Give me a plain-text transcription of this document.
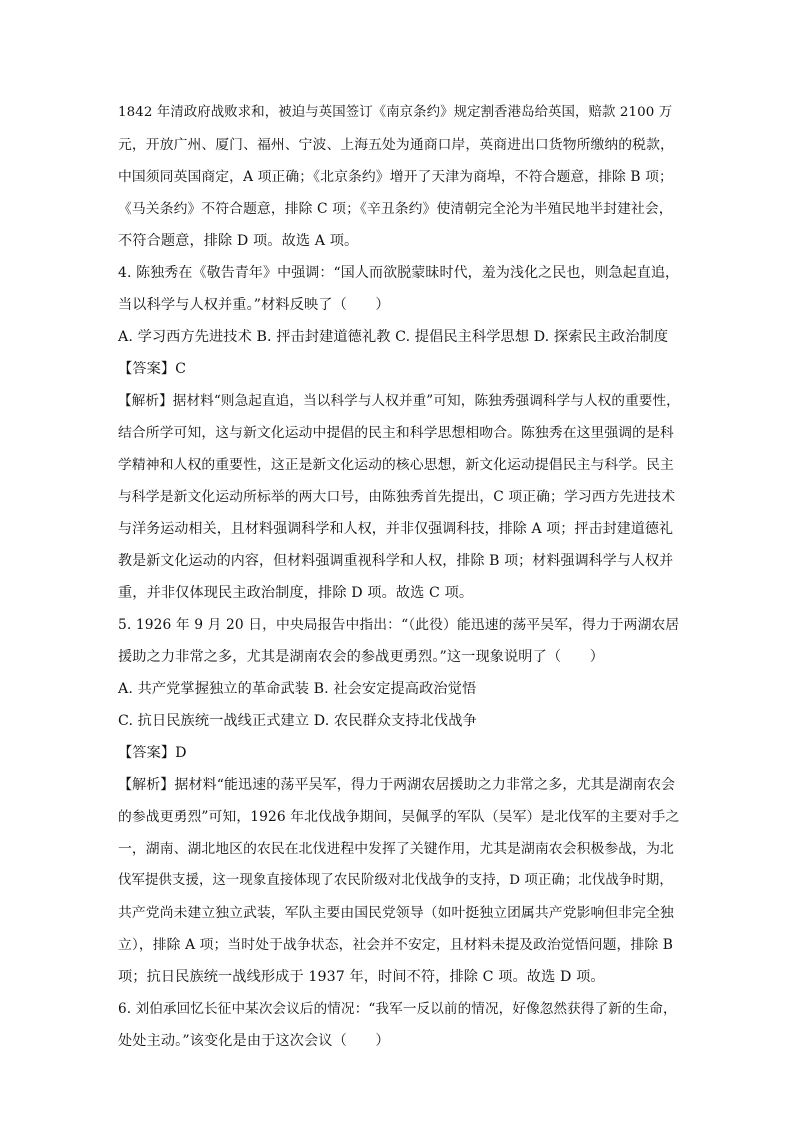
1842 年清政府战败求和，被迫与英国签订《南京条约》规定割香港岛给英国，赔款 2100 万
元，开放广州、厦门、福州、宁波、上海五处为通商口岸，英商进出口货物所缴纳的税款，
中国须同英国商定，A 项正确；《北京条约》增开了天津为商埠，不符合题意，排除 B 项；
《马关条约》不符合题意，排除 C 项；《辛丑条约》使清朝完全沦为半殖民地半封建社会，
不符合题意，排除 D 项。故选 A 项。
4. 陈独秀在《敬告青年》中强调：“国人而欲脱蒙昧时代，羞为浅化之民也，则急起直追，
当以科学与人权并重。”材料反映了（　　）
A. 学习西方先进技术 B. 抨击封建道德礼教 C. 提倡民主科学思想 D. 探索民主政治制度
【答案】C
【解析】据材料“则急起直追，当以科学与人权并重”可知，陈独秀强调科学与人权的重要性，
结合所学可知，这与新文化运动中提倡的民主和科学思想相吻合。陈独秀在这里强调的是科
学精神和人权的重要性，这正是新文化运动的核心思想，新文化运动提倡民主与科学。民主
与科学是新文化运动所标举的两大口号，由陈独秀首先提出，C 项正确；学习西方先进技术
与洋务运动相关，且材料强调科学和人权，并非仅强调科技，排除 A 项；抨击封建道德礼
教是新文化运动的内容，但材料强调重视科学和人权，排除 B 项；材料强调科学与人权并
重，并非仅体现民主政治制度，排除 D 项。故选 C 项。
5. 1926 年 9 月 20 日，中央局报告中指出：“（此役）能迅速的荡平吴军，得力于两湖农居
援助之力非常之多，尤其是湖南农会的参战更勇烈。”这一现象说明了（　　）
A. 共产党掌握独立的革命武装 B. 社会安定提高政治觉悟
C. 抗日民族统一战线正式建立 D. 农民群众支持北伐战争
【答案】D
【解析】据材料“能迅速的荡平吴军，得力于两湖农居援助之力非常之多，尤其是湖南农会
的参战更勇烈”可知，1926 年北伐战争期间，吴佩孚的军队（吴军）是北伐军的主要对手之
一，湖南、湖北地区的农民在北伐进程中发挥了关键作用，尤其是湖南农会积极参战，为北
伐军提供支援，这一现象直接体现了农民阶级对北伐战争的支持，D 项正确；北伐战争时期，
共产党尚未建立独立武装，军队主要由国民党领导（如叶挺独立团属共产党影响但非完全独
立），排除 A 项；当时处于战争状态，社会并不安定，且材料未提及政治觉悟问题，排除 B
项；抗日民族统一战线形成于 1937 年，时间不符，排除 C 项。故选 D 项。
6. 刘伯承回忆长征中某次会议后的情况：“我军一反以前的情况，好像忽然获得了新的生命，
处处主动。”该变化是由于这次会议（　　）
